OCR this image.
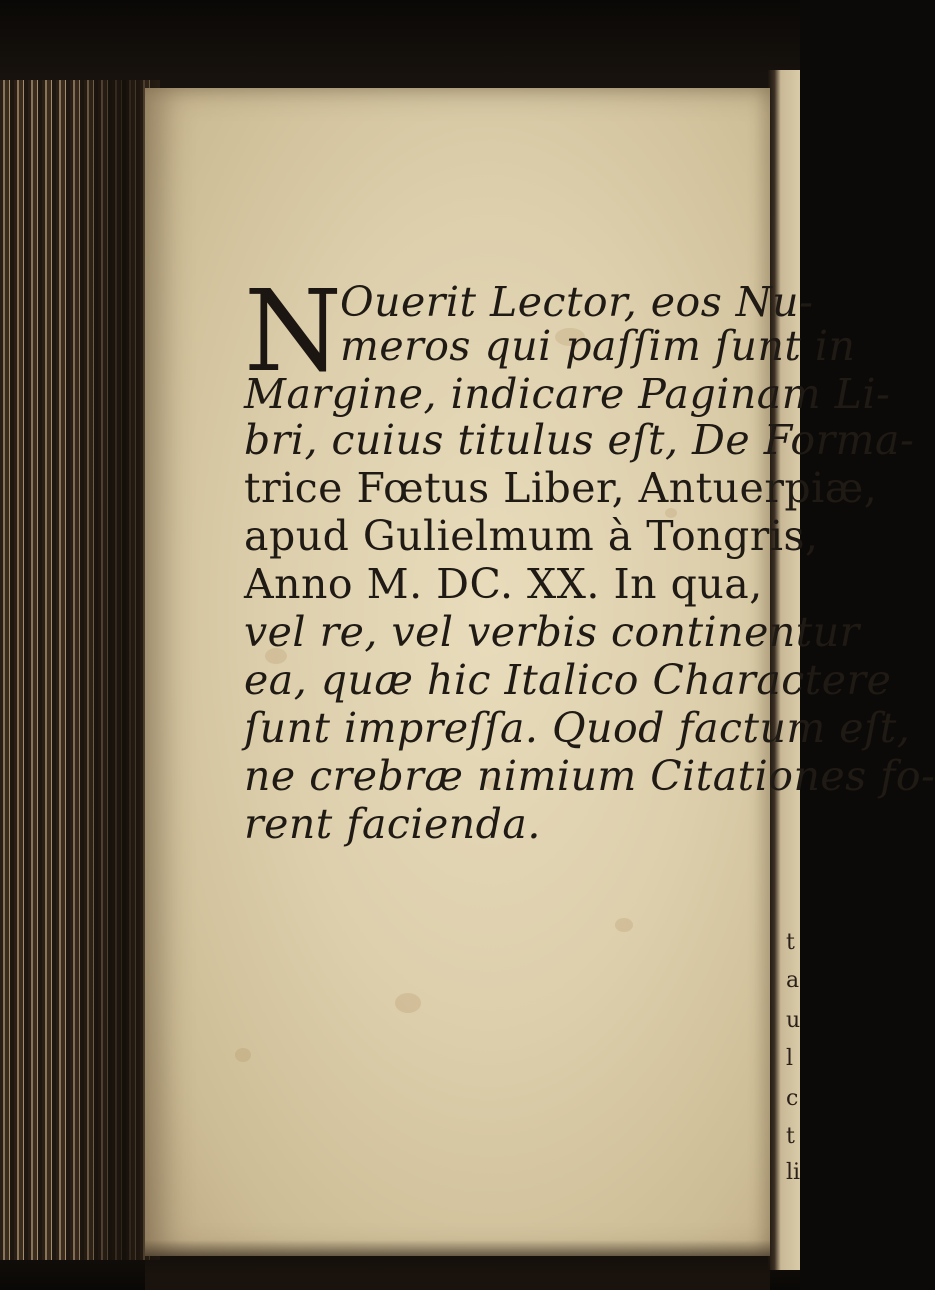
t
a
u
l
c
t
li
N
Ouerit Lector, eos Nu-
meros qui paſſim ſunt in
Margine, indicare Paginam Li-
bri, cuius titulus eſt, De Forma-
trice Fœtus Liber, Antuerpiæ,
apud Gulielmum à Tongris,
Anno M. DC. XX. In qua,
vel re, vel verbis continentur
ea, quæ hic Italico Charactere
ſunt impreſſa. Quod factum eſt,
ne crebræ nimium Citationes fo-
rent facienda.
